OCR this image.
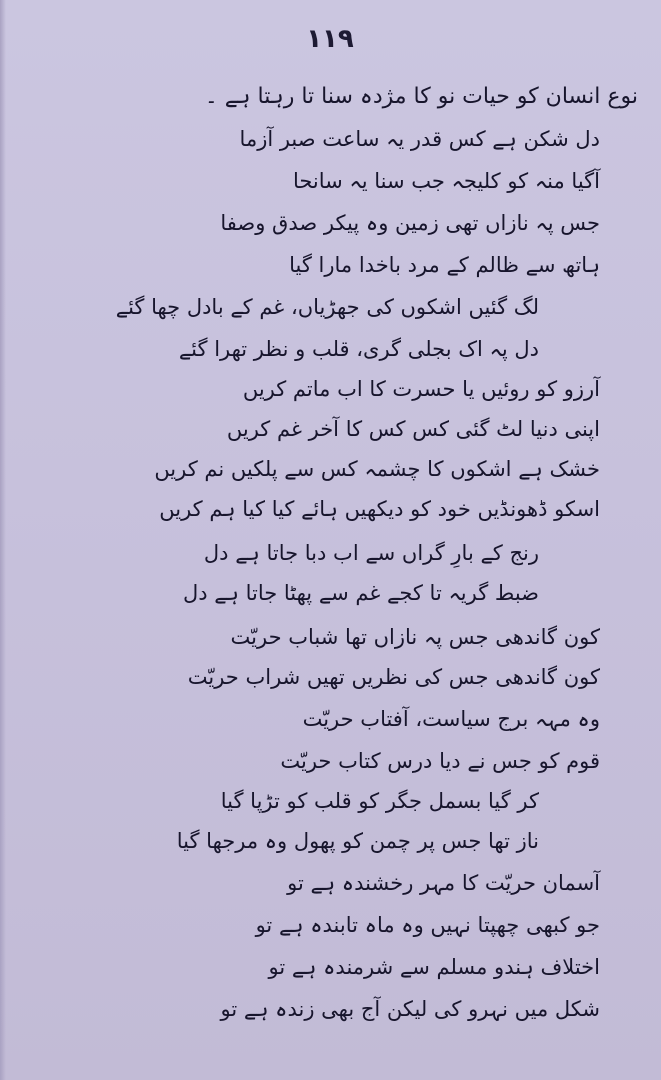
۱۱۹
نوع انسان کو حیات نو کا مژدہ سنا تا رہتا ہے ۔
دل شکن ہے کس قدر یہ ساعت صبر آزما
آگیا منہ کو کلیجہ جب سنا یہ سانحا
جس پہ نازاں تھی زمین وہ پیکر صدق وصفا
ہاتھ سے ظالم کے مرد باخدا مارا گیا
لگ گئیں اشکوں کی جھڑیاں، غم کے بادل چھا گئے
دل پہ اک بجلی گری، قلب و نظر تھرا گئے
آرزو کو روئیں یا حسرت کا اب ماتم کریں
اپنی دنیا لٹ گئی کس کس کا آخر غم کریں
خشک ہے اشکوں کا چشمہ کس سے پلکیں نم کریں
اسکو ڈھونڈیں خود کو دیکھیں ہائے کیا کیا ہم کریں
رنج کے بارِ گراں سے اب دبا جاتا ہے دل
ضبط گریہ تا کجے غم سے پھٹا جاتا ہے دل
کون گاندھی جس پہ نازاں تھا شباب حریّت
کون گاندھی جس کی نظریں تھیں شراب حریّت
وہ مہہ برج سیاست، آفتاب حریّت
قوم کو جس نے دیا درس کتاب حریّت
کر گیا بسمل جگر کو قلب کو تڑپا گیا
ناز تھا جس پر چمن کو پھول وہ مرجھا گیا
آسمان حریّت کا مہر رخشندہ ہے تو
جو کبھی چھپتا نہیں وہ ماہ تابندہ ہے تو
اختلاف ہندو مسلم سے شرمندہ ہے تو
شکل میں نہرو کی لیکن آج بھی زندہ ہے تو
